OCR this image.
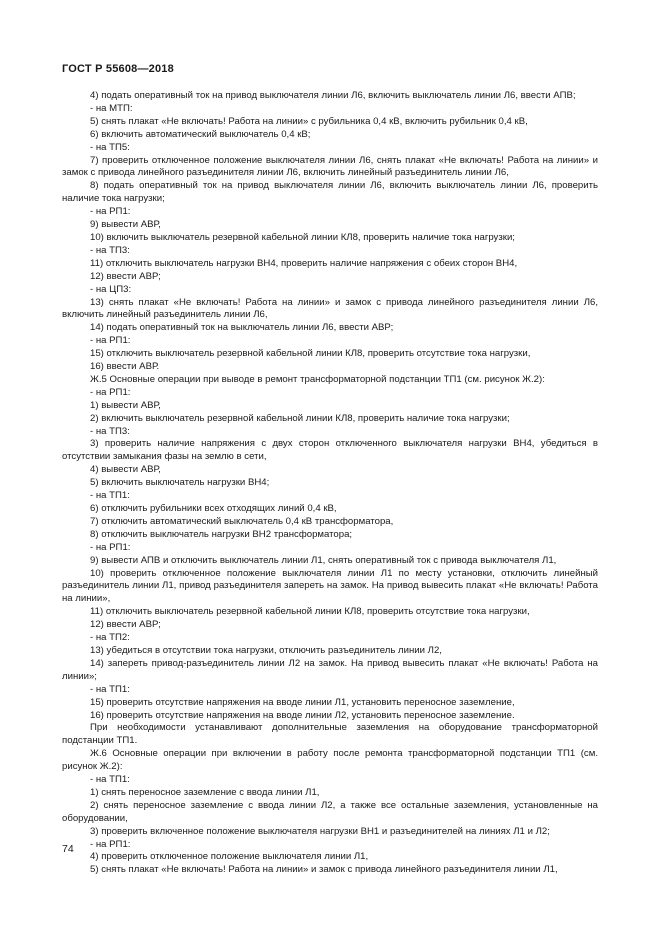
ГОСТ Р 55608—2018

4) подать оперативный ток на привод выключателя линии Л6, включить выключатель линии Л6, ввести АПВ;

- на МТП:

5) снять плакат «Не включать! Работа на линии» с рубильника 0,4 кВ, включить рубильник 0,4 кВ,

6) включить автоматический выключатель 0,4 кВ;

- на ТП5:

7) проверить отключенное положение выключателя линии Л6, снять плакат «Не включать! Работа на линии» и замок с привода линейного разъединителя линии Л6, включить линейный разъединитель линии Л6,

8) подать оперативный ток на привод выключателя линии Л6, включить выключатель линии Л6, проверить наличие тока нагрузки;

- на РП1:

9) вывести АВР,

10) включить выключатель резервной кабельной линии КЛ8, проверить наличие тока нагрузки;

- на ТП3:

11) отключить выключатель нагрузки ВН4, проверить наличие напряжения с обеих сторон ВН4,

12) ввести АВР;

- на ЦП3:

13) снять плакат «Не включать! Работа на линии» и замок с привода линейного разъединителя линии Л6, включить линейный разъединитель линии Л6,

14) подать оперативный ток на выключатель линии Л6, ввести АВР;

- на РП1:

15) отключить выключатель резервной кабельной линии КЛ8, проверить отсутствие тока нагрузки,

16) ввести АВР.

Ж.5 Основные операции при выводе в ремонт трансформаторной подстанции ТП1 (см. рисунок Ж.2):

- на РП1:

1) вывести АВР,

2) включить выключатель резервной кабельной линии КЛ8, проверить наличие тока нагрузки;

- на ТП3:

3) проверить наличие напряжения с двух сторон отключенного выключателя нагрузки ВН4, убедиться в отсутствии замыкания фазы на землю в сети,

4) вывести АВР,

5) включить выключатель нагрузки ВН4;

- на ТП1:

6) отключить рубильники всех отходящих линий 0,4 кВ,

7) отключить автоматический выключатель 0,4 кВ трансформатора,

8) отключить выключатель нагрузки ВН2 трансформатора;

- на РП1:

9) вывести АПВ и отключить выключатель линии Л1, снять оперативный ток с привода выключателя Л1,

10) проверить отключенное положение выключателя линии Л1 по месту установки, отключить линейный разъединитель линии Л1, привод разъединителя запереть на замок. На привод вывесить плакат «Не включать! Работа на линии»,

11) отключить выключатель резервной кабельной линии КЛ8, проверить отсутствие тока нагрузки,

12) ввести АВР;

- на ТП2:

13) убедиться в отсутствии тока нагрузки, отключить разъединитель линии Л2,

14) запереть привод-разъединитель линии Л2 на замок. На привод вывесить плакат «Не включать! Работа на линии»;

- на ТП1:

15) проверить отсутствие напряжения на вводе линии Л1, установить переносное заземление,

16) проверить отсутствие напряжения на вводе линии Л2, установить переносное заземление.

При необходимости устанавливают дополнительные заземления на оборудование трансформаторной подстанции ТП1.

Ж.6 Основные операции при включении в работу после ремонта трансформаторной подстанции ТП1 (см. рисунок Ж.2):

- на ТП1:

1) снять переносное заземление с ввода линии Л1,

2) снять переносное заземление с ввода линии Л2, а также все остальные заземления, установленные на оборудовании,

3) проверить включенное положение выключателя нагрузки ВН1 и разъединителей на линиях Л1 и Л2;

- на РП1:

4) проверить отключенное положение выключателя линии Л1,

5) снять плакат «Не включать! Работа на линии» и замок с привода линейного разъединителя линии Л1,

74
